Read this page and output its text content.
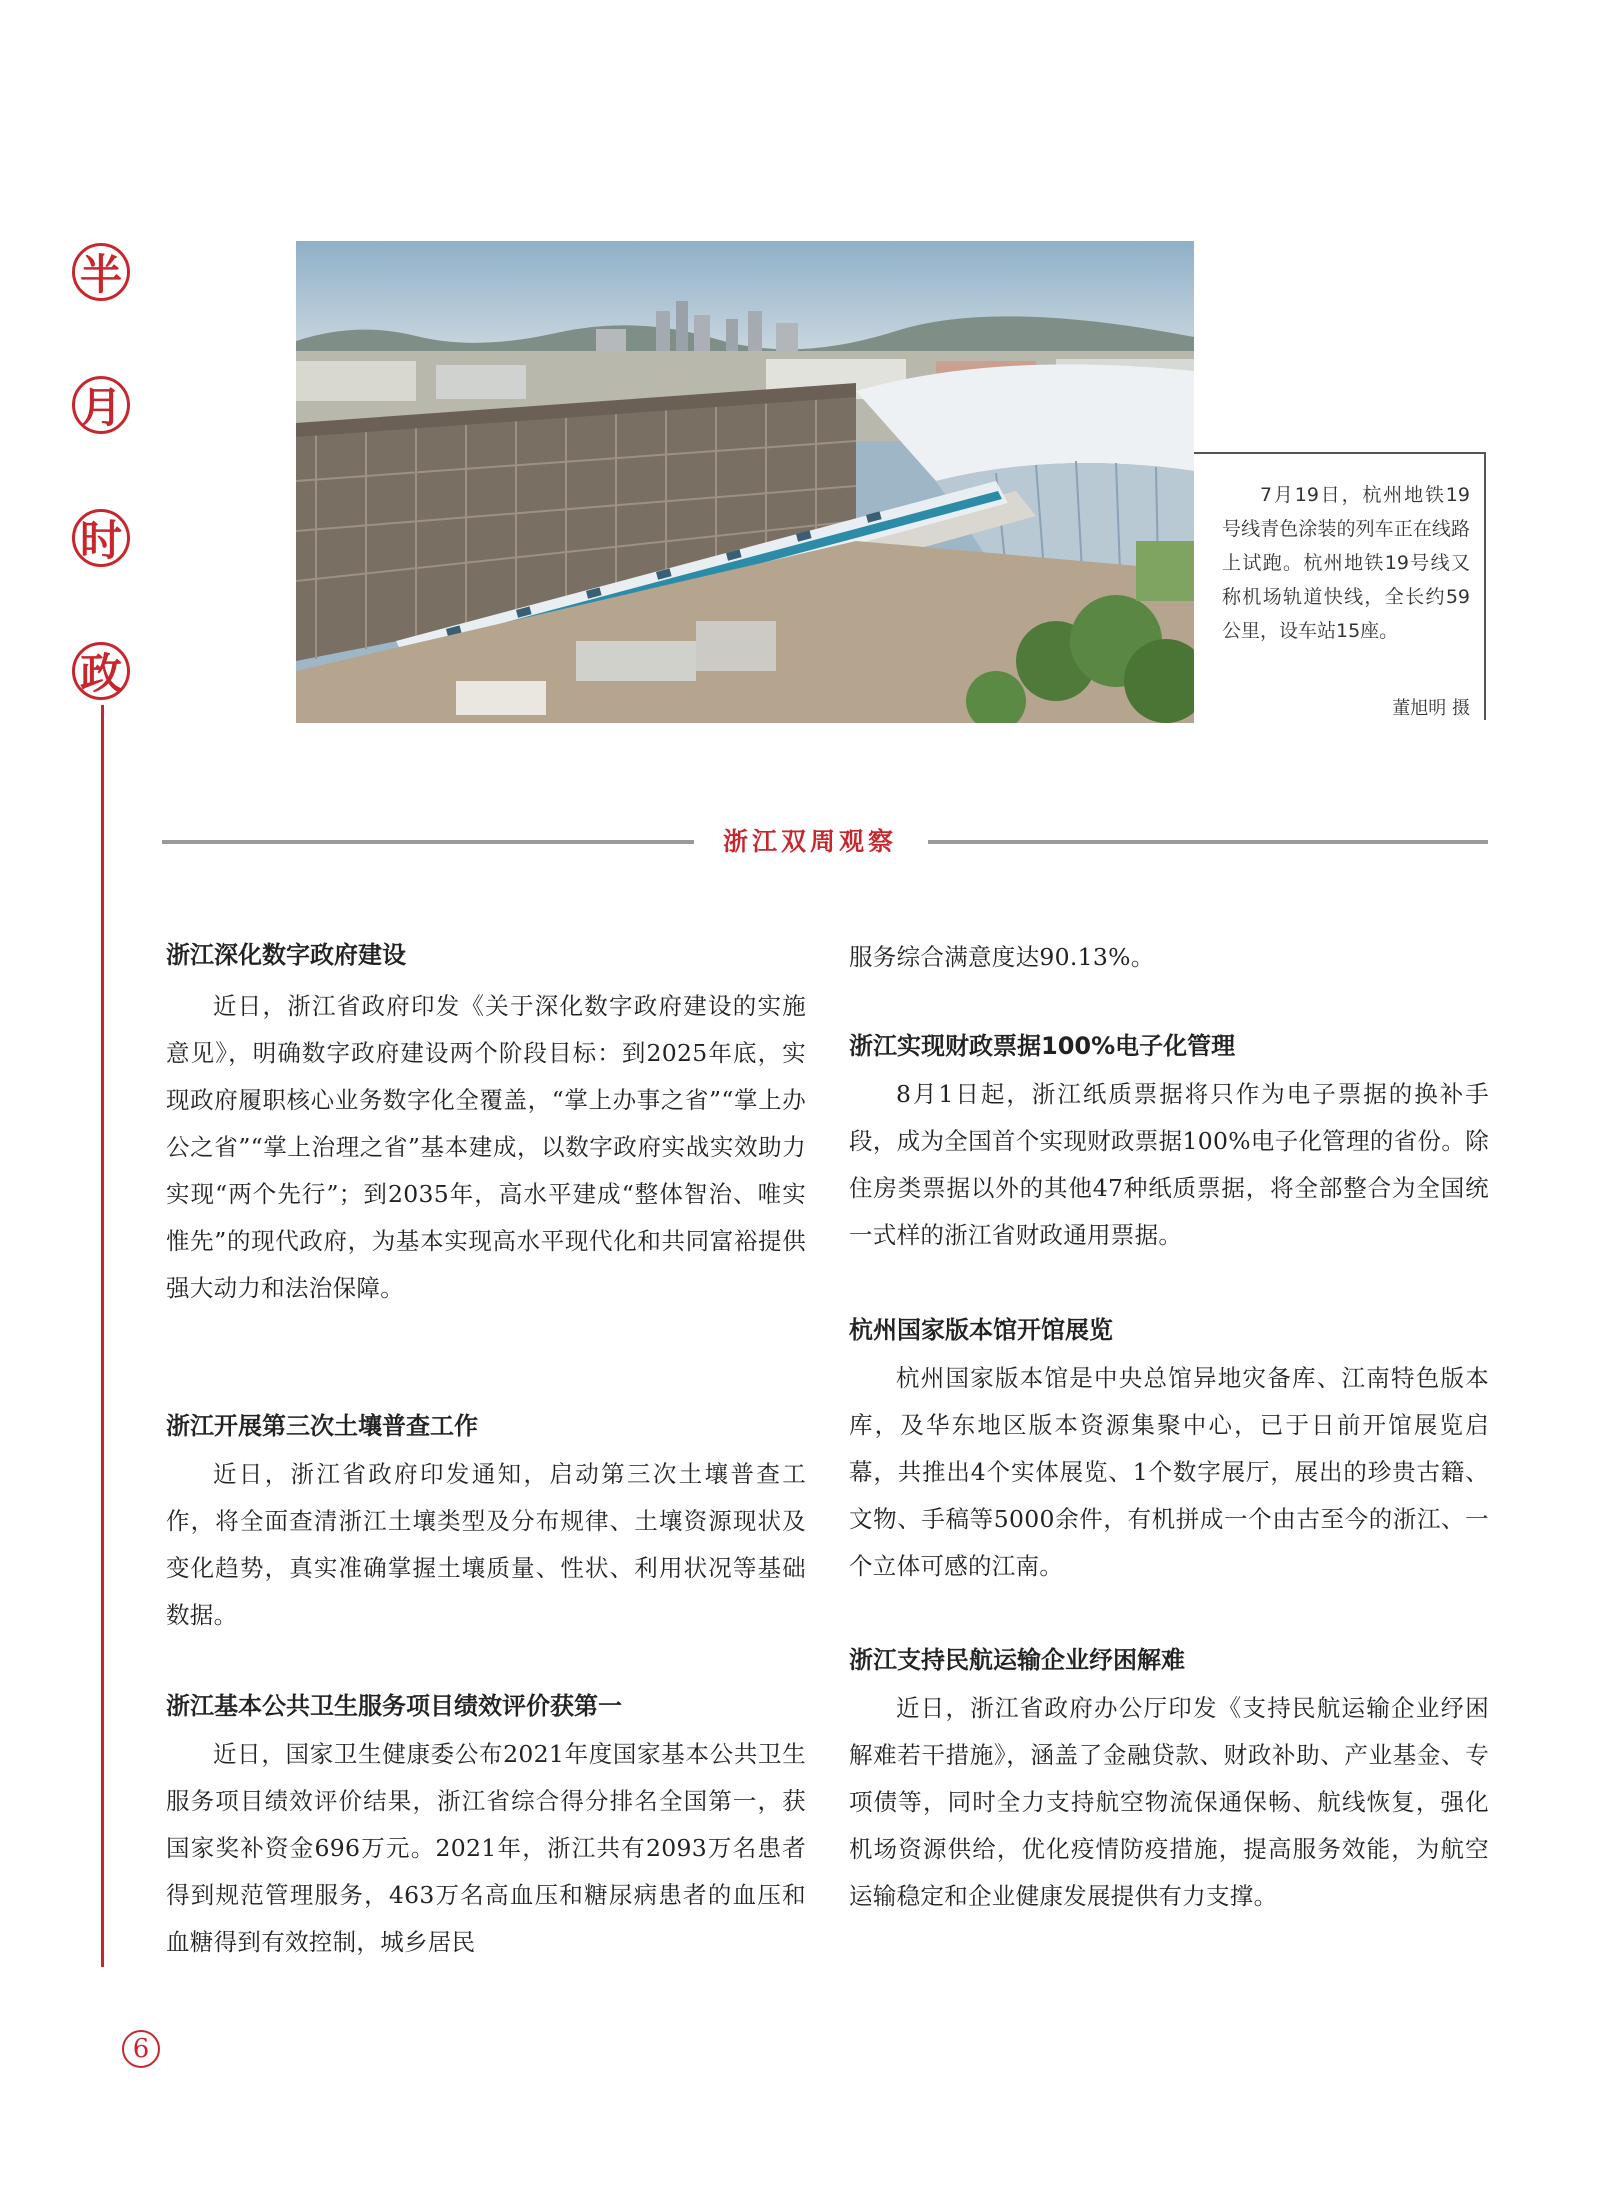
半
月
时
政
7月19日，杭州地铁19号线青色涂装的列车正在线路上试跑。杭州地铁19号线又称机场轨道快线，全长约59公里，设车站15座。
董旭明 摄
浙江双周观察
浙江深化数字政府建设

近日，浙江省政府印发《关于深化数字政府建设的实施意见》，明确数字政府建设两个阶段目标：到2025年底，实现政府履职核心业务数字化全覆盖，“掌上办事之省”“掌上办公之省”“掌上治理之省”基本建成，以数字政府实战实效助力实现“两个先行”；到2035年，高水平建成“整体智治、唯实惟先”的现代政府，为基本实现高水平现代化和共同富裕提供强大动力和法治保障。

浙江开展第三次土壤普查工作

近日，浙江省政府印发通知，启动第三次土壤普查工作，将全面查清浙江土壤类型及分布规律、土壤资源现状及变化趋势，真实准确掌握土壤质量、性状、利用状况等基础数据。

浙江基本公共卫生服务项目绩效评价获第一

近日，国家卫生健康委公布2021年度国家基本公共卫生服务项目绩效评价结果，浙江省综合得分排名全国第一，获国家奖补资金696万元。2021年，浙江共有2093万名患者得到规范管理服务，463万名高血压和糖尿病患者的血压和血糖得到有效控制，城乡居民

服务综合满意度达90.13%。

浙江实现财政票据100%电子化管理

8月1日起，浙江纸质票据将只作为电子票据的换补手段，成为全国首个实现财政票据100%电子化管理的省份。除住房类票据以外的其他47种纸质票据，将全部整合为全国统一式样的浙江省财政通用票据。

杭州国家版本馆开馆展览

杭州国家版本馆是中央总馆异地灾备库、江南特色版本库，及华东地区版本资源集聚中心，已于日前开馆展览启幕，共推出4个实体展览、1个数字展厅，展出的珍贵古籍、文物、手稿等5000余件，有机拼成一个由古至今的浙江、一个立体可感的江南。

浙江支持民航运输企业纾困解难

近日，浙江省政府办公厅印发《支持民航运输企业纾困解难若干措施》，涵盖了金融贷款、财政补助、产业基金、专项债等，同时全力支持航空物流保通保畅、航线恢复，强化机场资源供给，优化疫情防疫措施，提高服务效能，为航空运输稳定和企业健康发展提供有力支撑。

6
